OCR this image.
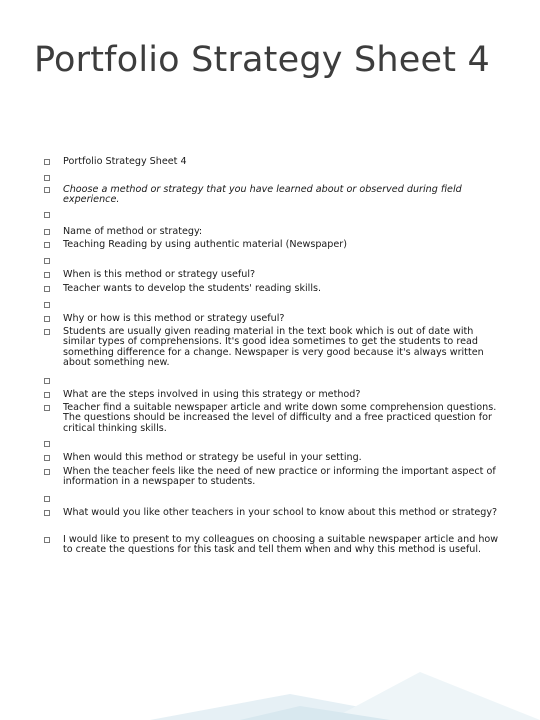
Portfolio Strategy Sheet 4
Portfolio Strategy Sheet 4
Choose a method or strategy that you have learned about or observed during field experience.
Name of method or strategy:
Teaching Reading by using authentic material (Newspaper)
When is this method or strategy useful?
Teacher wants to develop the students' reading skills.
Why or how is this method or strategy useful?
Students are usually given reading material in the text book which is out of date with similar types of comprehensions. It's good idea sometimes to get the students to read something difference for a change. Newspaper is very good because it's always written about something new.
What are the steps involved in using this strategy or method?
Teacher find a suitable newspaper article and write down some comprehension questions. The questions should be increased the level of difficulty and a free practiced question for critical thinking skills.
When would this method or strategy be useful in your setting.
When the teacher feels like the need of new practice or informing the important aspect of information in a newspaper to students.
What would you like other teachers in your school to know about this method or strategy?
I would like to present to my colleagues on choosing a suitable newspaper article and how to create the questions for this task and tell them when and why this method is useful.
